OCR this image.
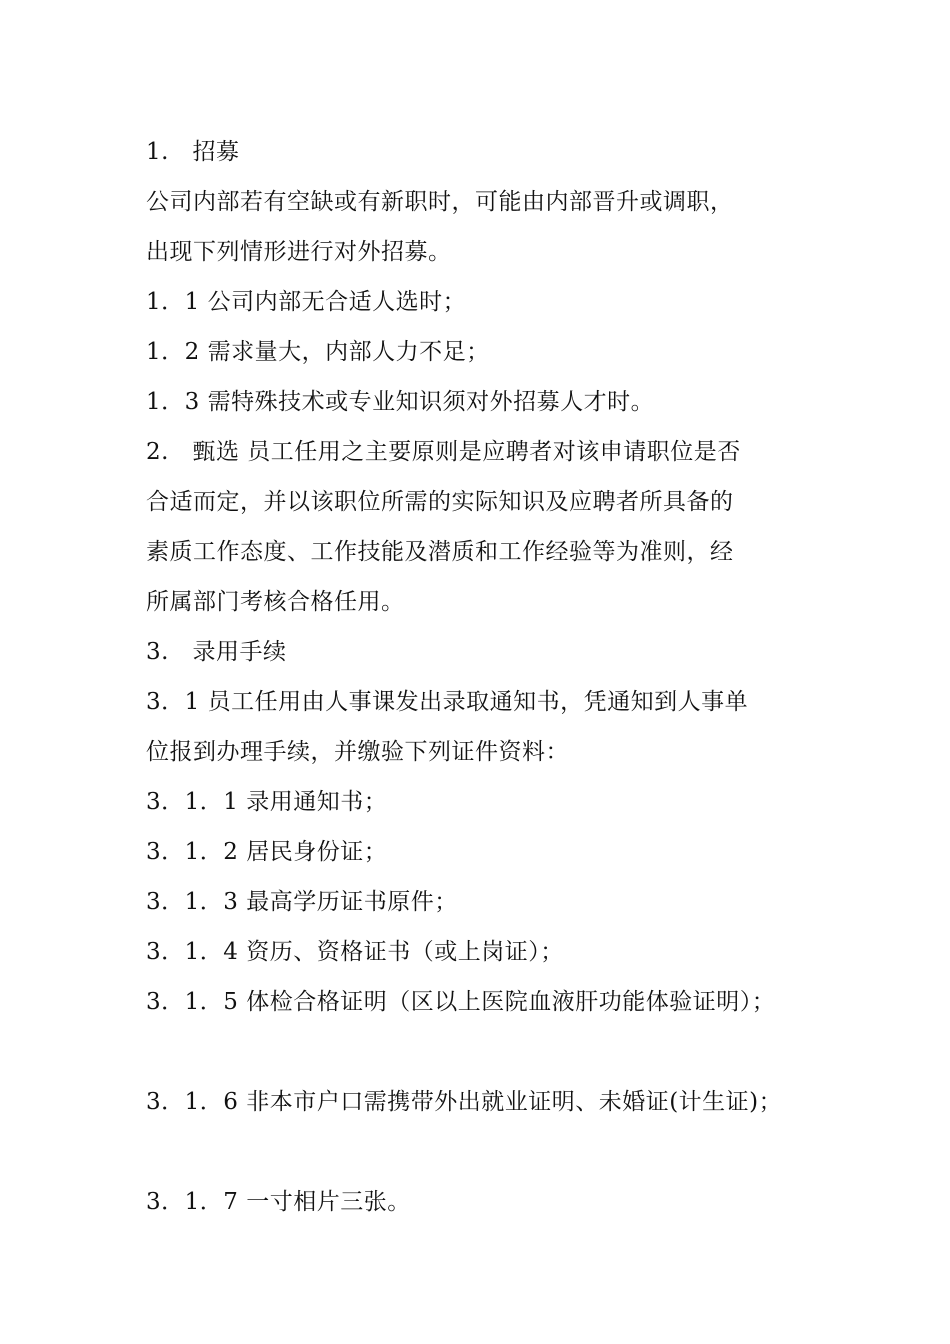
1.　招募
公司内部若有空缺或有新职时，可能由内部晋升或调职，
出现下列情形进行对外招募。
1．1 公司内部无合适人选时；
1．2 需求量大，内部人力不足；
1．3 需特殊技术或专业知识须对外招募人才时。
2.　甄选 员工任用之主要原则是应聘者对该申请职位是否
合适而定，并以该职位所需的实际知识及应聘者所具备的
素质工作态度、工作技能及潜质和工作经验等为准则，经
所属部门考核合格任用。
3.　录用手续
3．1 员工任用由人事课发出录取通知书，凭通知到人事单
位报到办理手续，并缴验下列证件资料：
3．1．1 录用通知书；
3．1．2 居民身份证；
3．1．3 最高学历证书原件；
3．1．4 资历、资格证书（或上岗证）；
3．1．5 体检合格证明（区以上医院血液肝功能体验证明）；
3．1．6 非本市户口需携带外出就业证明、未婚证(计生证)；
3．1．7 一寸相片三张。
